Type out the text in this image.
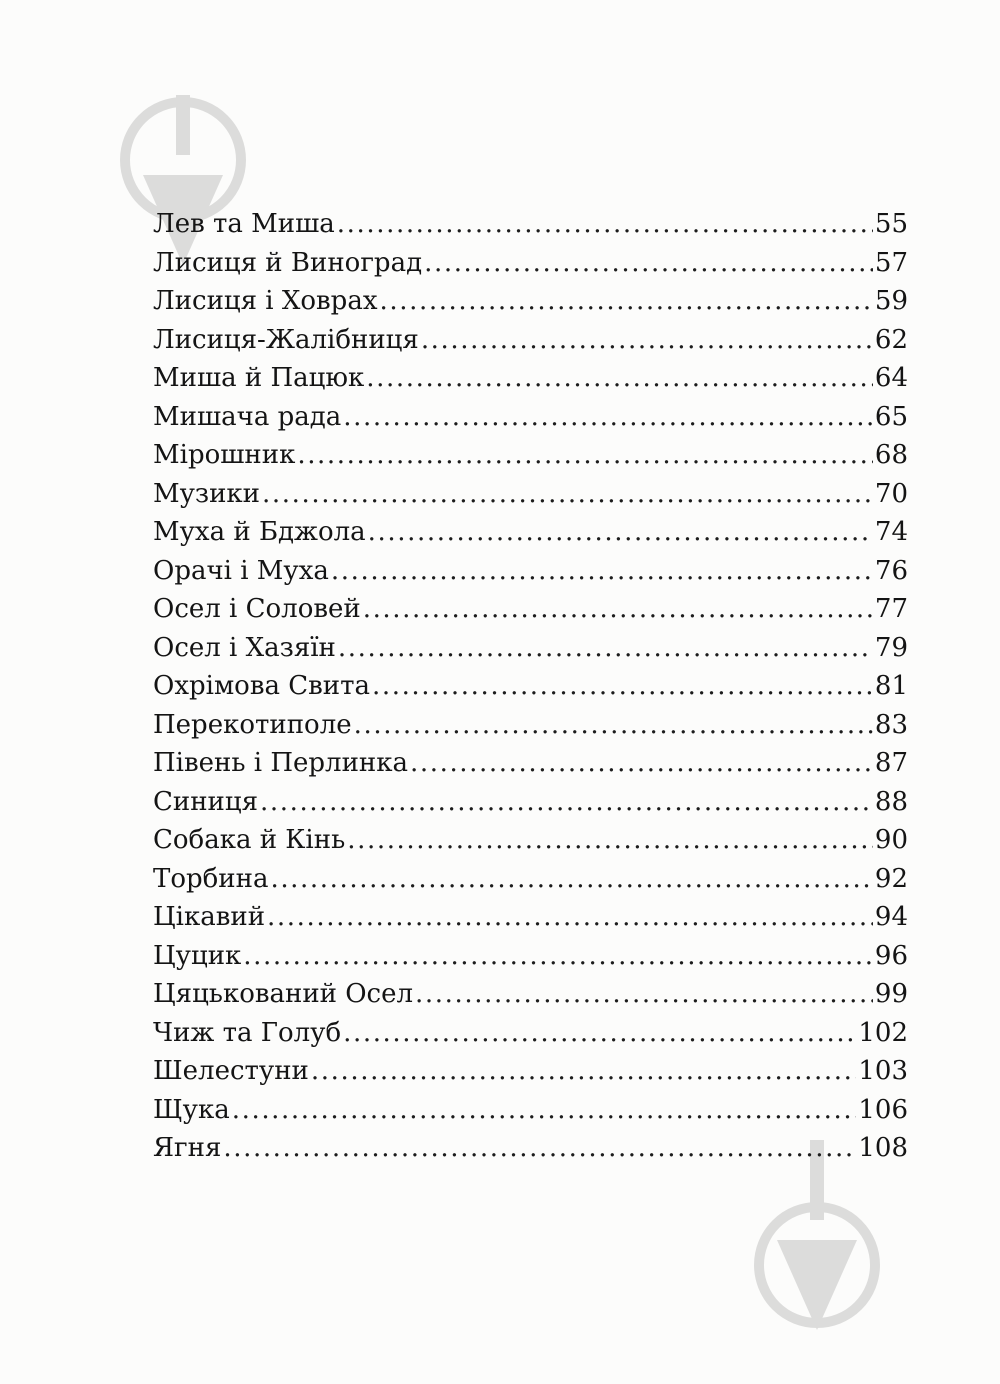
Лев та Миша .....	55
Лисиця й Виноград .....	57
Лисиця і Ховрах .....	59
Лисиця-Жалібниця .....	62
Миша й Пацюк .....	64
Мишача рада .....	65
Мірошник .....	68
Музики .....	70
Муха й Бджола .....	74
Орачі і Муха .....	76
Осел і Соловей .....	77
Осел і Хазяїн .....	79
Охрімова Свита .....	81
Перекотиполе .....	83
Півень і Перлинка .....	87
Синиця .....	88
Собака й Кінь .....	90
Торбина .....	92
Цікавий .....	94
Цуцик .....	96
Цяцькований Осел .....	99
Чиж та Голуб .....	102
Шелестуни .....	103
Щука .....	106
Ягня .....	108
